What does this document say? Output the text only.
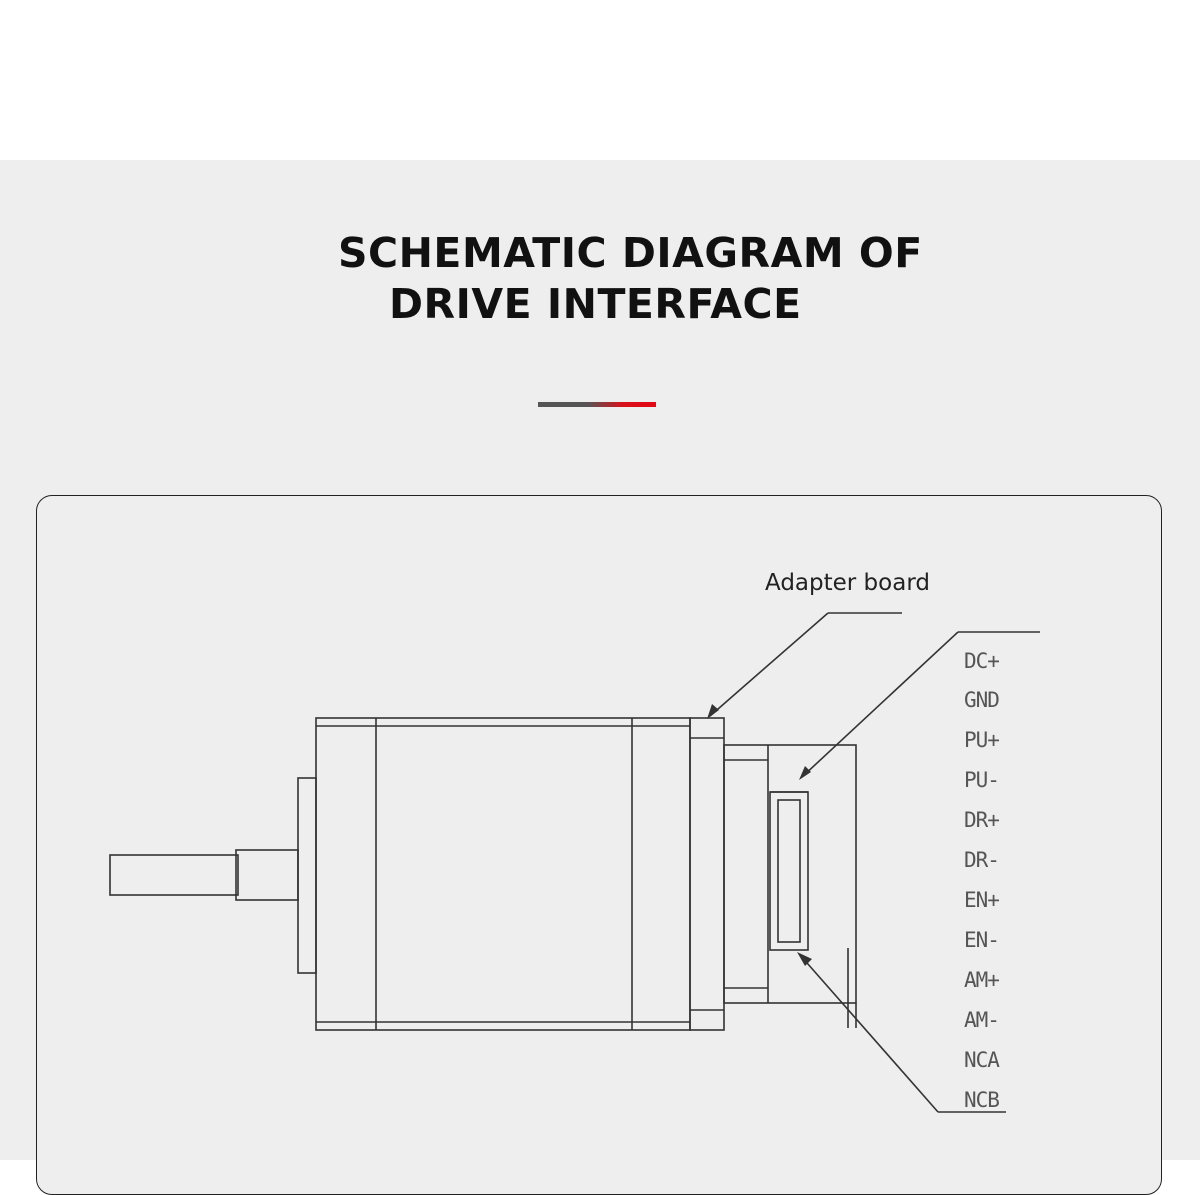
SCHEMATIC DIAGRAM OF
DRIVE INTERFACE
Adapter board
DC+
GND
PU+
PU-
DR+
DR-
EN+
EN-
AM+
AM-
NCA
NCB
